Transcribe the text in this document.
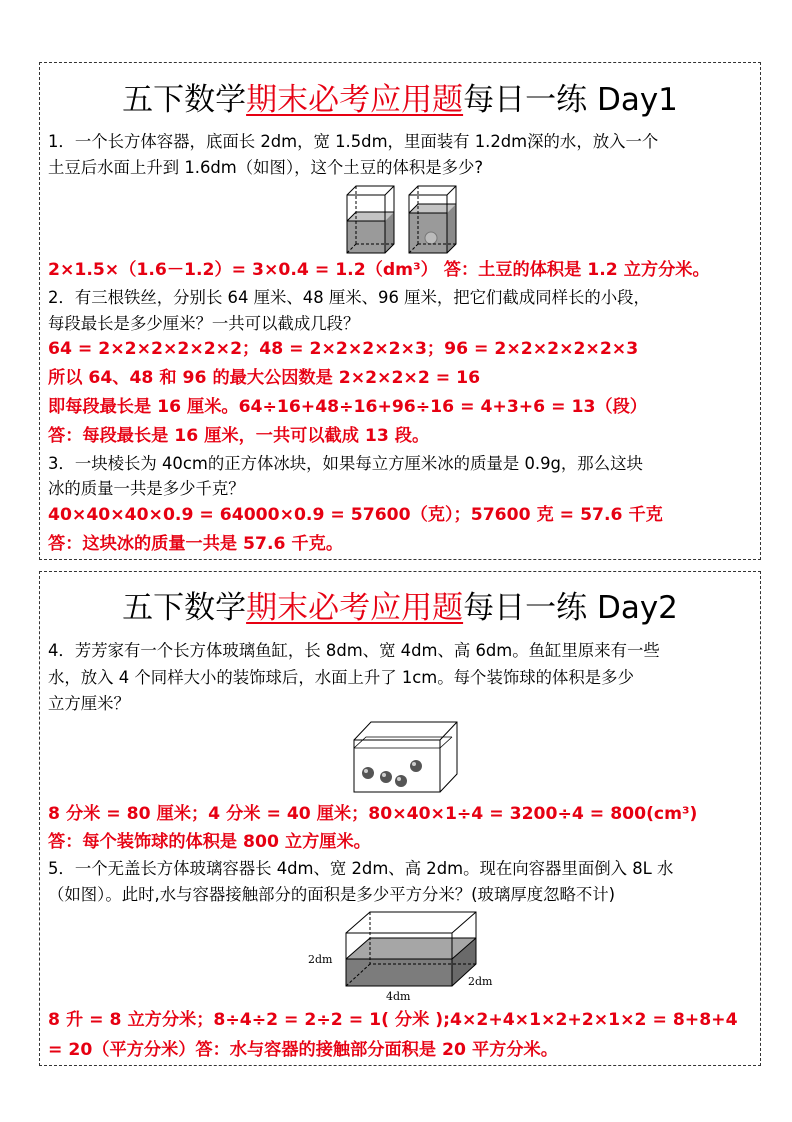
五下数学期末必考应用题每日一练 Day1
1．一个长方体容器，底面长 2dm，宽 1.5dm，里面装有 1.2dm深的水，放入一个
土豆后水面上升到 1.6dm（如图），这个土豆的体积是多少?
2×1.5×（1.6－1.2）= 3×0.4 = 1.2（dm³） 答：土豆的体积是 1.2 立方分米。
2．有三根铁丝，分别长 64 厘米、48 厘米、96 厘米，把它们截成同样长的小段，
每段最长是多少厘米？一共可以截成几段？
64 = 2×2×2×2×2×2；48 = 2×2×2×2×3；96 = 2×2×2×2×2×3
所以 64、48 和 96 的最大公因数是 2×2×2×2 = 16
即每段最长是 16 厘米。64÷16+48÷16+96÷16 = 4+3+6 = 13（段）
答：每段最长是 16 厘米，一共可以截成 13 段。
3．一块棱长为 40cm的正方体冰块，如果每立方厘米冰的质量是 0.9g，那么这块
冰的质量一共是多少千克？
40×40×40×0.9 = 64000×0.9 = 57600（克）；57600 克 = 57.6 千克
答：这块冰的质量一共是 57.6 千克。
五下数学期末必考应用题每日一练 Day2
4．芳芳家有一个长方体玻璃鱼缸，长 8dm、宽 4dm、高 6dm。鱼缸里原来有一些
水，放入 4 个同样大小的装饰球后，水面上升了 1cm。每个装饰球的体积是多少
立方厘米？
8 分米 = 80 厘米；4 分米 = 40 厘米；80×40×1÷4 = 3200÷4 = 800(cm³)
答：每个装饰球的体积是 800 立方厘米。
5．一个无盖长方体玻璃容器长 4dm、宽 2dm、高 2dm。现在向容器里面倒入 8L 水
（如图）。此时,水与容器接触部分的面积是多少平方分米？(玻璃厚度忽略不计)
2dm
2dm
4dm
8 升 = 8 立方分米；8÷4÷2 = 2÷2 = 1( 分米 );4×2+4×1×2+2×1×2 = 8+8+4
= 20（平方分米）答：水与容器的接触部分面积是 20 平方分米。
